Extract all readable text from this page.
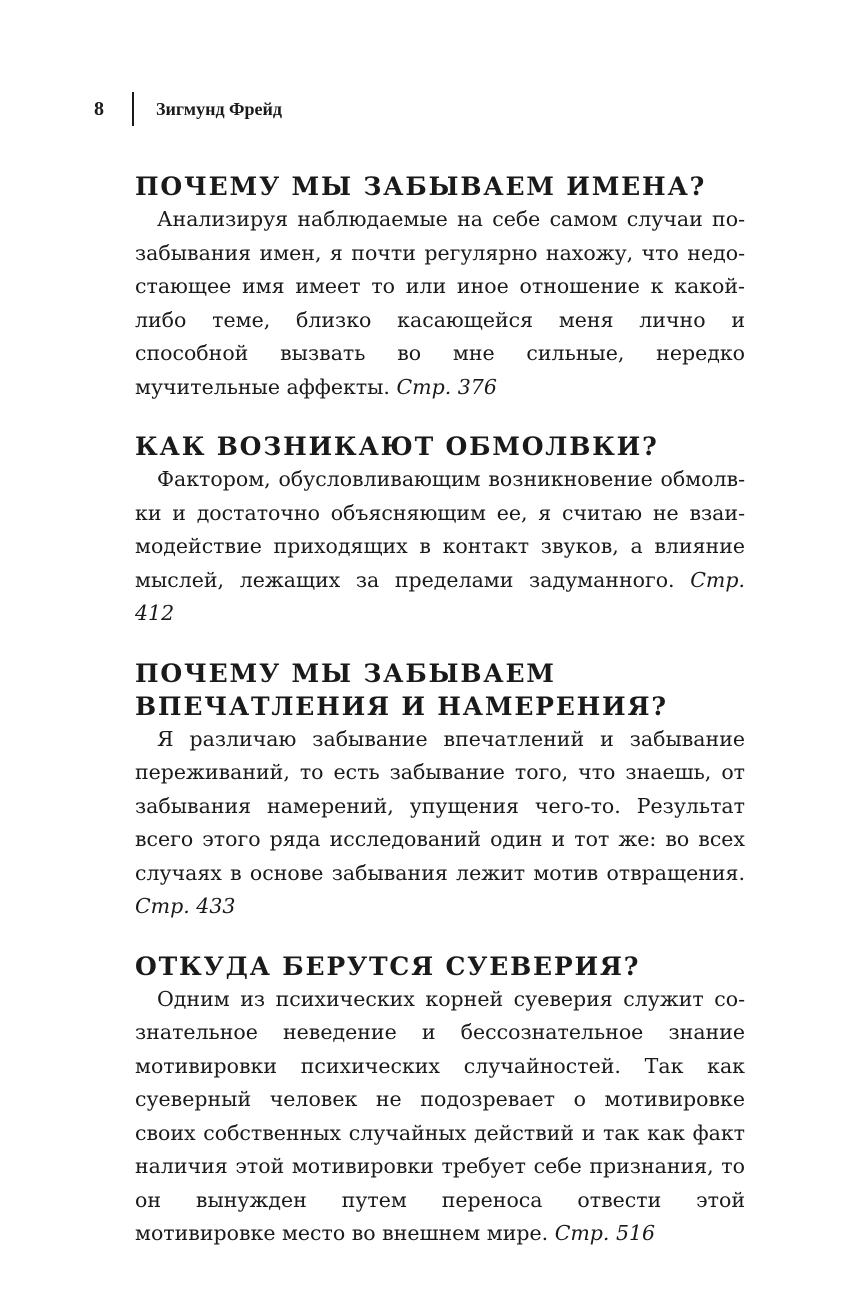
8	Зигмунд Фрейд
ПОЧЕМУ МЫ ЗАБЫВАЕМ ИМЕНА?

Анализируя наблюдаемые на себе самом случаи позабывания имен, я почти регулярно нахожу, что недостающее имя имеет то или иное отношение к какой-либо теме, близко касающейся меня лично и способной вызвать во мне сильные, нередко мучительные аффекты. Стр. 376

КАК ВОЗНИКАЮТ ОБМОЛВКИ?

Фактором, обусловливающим возникновение обмолвки и достаточно объясняющим ее, я считаю не взаимодействие приходящих в контакт звуков, а влияние мыслей, лежащих за пределами задуманного. Стр. 412

ПОЧЕМУ МЫ ЗАБЫВАЕМ ВПЕЧАТЛЕНИЯ И НАМЕРЕНИЯ?

Я различаю забывание впечатлений и забывание переживаний, то есть забывание того, что знаешь, от забывания намерений, упущения чего-то. Результат всего этого ряда исследований один и тот же: во всех случаях в основе забывания лежит мотив отвращения. Стр. 433

ОТКУДА БЕРУТСЯ СУЕВЕРИЯ?

Одним из психических корней суеверия служит сознательное неведение и бессознательное знание мотивировки психических случайностей. Так как суеверный человек не подозревает о мотивировке своих собственных случайных действий и так как факт наличия этой мотивировки требует себе признания, то он вынужден путем переноса отвести этой мотивировке место во внешнем мире. Стр. 516
